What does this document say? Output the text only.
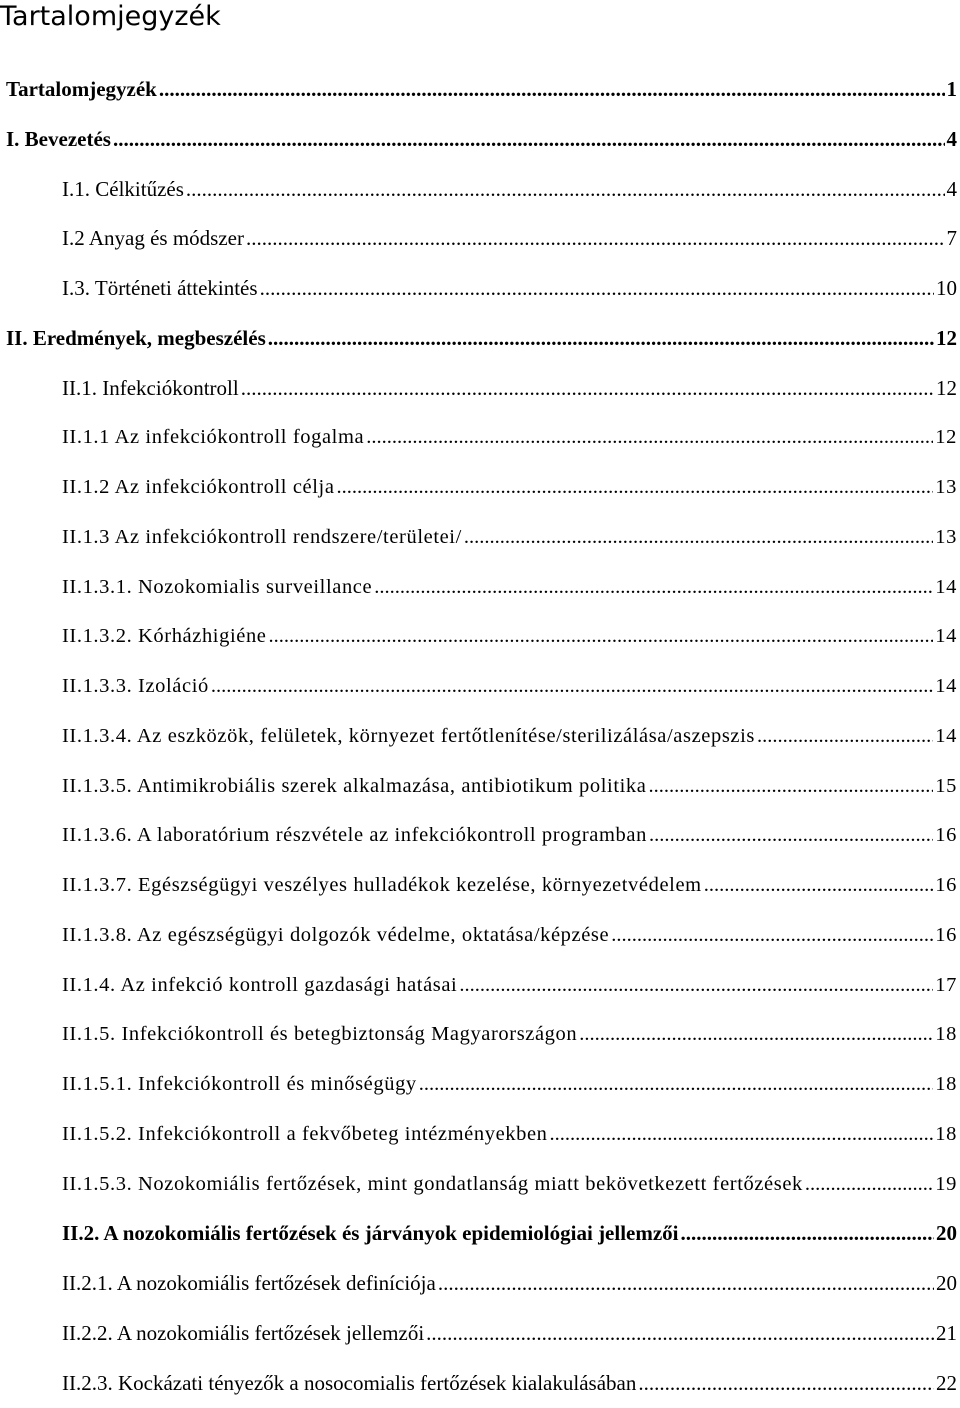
Tartalomjegyzék
Tartalomjegyzék .....	1
I. Bevezetés .....	4
I.1. Célkitűzés .....	4
I.2 Anyag és módszer .....	7
I.3. Történeti áttekintés .....	10
II. Eredmények, megbeszélés .....	12
II.1. Infekciókontroll .....	12
II.1.1 Az infekciókontroll fogalma .....	12
II.1.2 Az infekciókontroll célja .....	13
II.1.3 Az infekciókontroll rendszere/területei/ .....	13
II.1.3.1. Nozokomialis surveillance .....	14
II.1.3.2. Kórházhigiéne .....	14
II.1.3.3. Izoláció .....	14
II.1.3.4. Az eszközök, felületek, környezet fertőtlenítése/sterilizálása/aszepszis .....	14
II.1.3.5. Antimikrobiális szerek alkalmazása, antibiotikum politika .....	15
II.1.3.6. A laboratórium részvétele az infekciókontroll programban .....	16
II.1.3.7. Egészségügyi veszélyes hulladékok kezelése, környezetvédelem .....	16
II.1.3.8. Az egészségügyi dolgozók védelme, oktatása/képzése .....	16
II.1.4. Az infekció kontroll gazdasági hatásai .....	17
II.1.5. Infekciókontroll és betegbiztonság Magyarországon .....	18
II.1.5.1. Infekciókontroll és minőségügy .....	18
II.1.5.2. Infekciókontroll a fekvőbeteg intézményekben .....	18
II.1.5.3. Nozokomiális fertőzések, mint gondatlanság miatt bekövetkezett fertőzések .....	19
II.2. A nozokomiális fertőzések és járványok epidemiológiai jellemzői .....	20
II.2.1. A nozokomiális fertőzések definíciója .....	20
II.2.2. A nozokomiális fertőzések jellemzői .....	21
II.2.3. Kockázati tényezők a nosocomialis fertőzések kialakulásában .....	22
